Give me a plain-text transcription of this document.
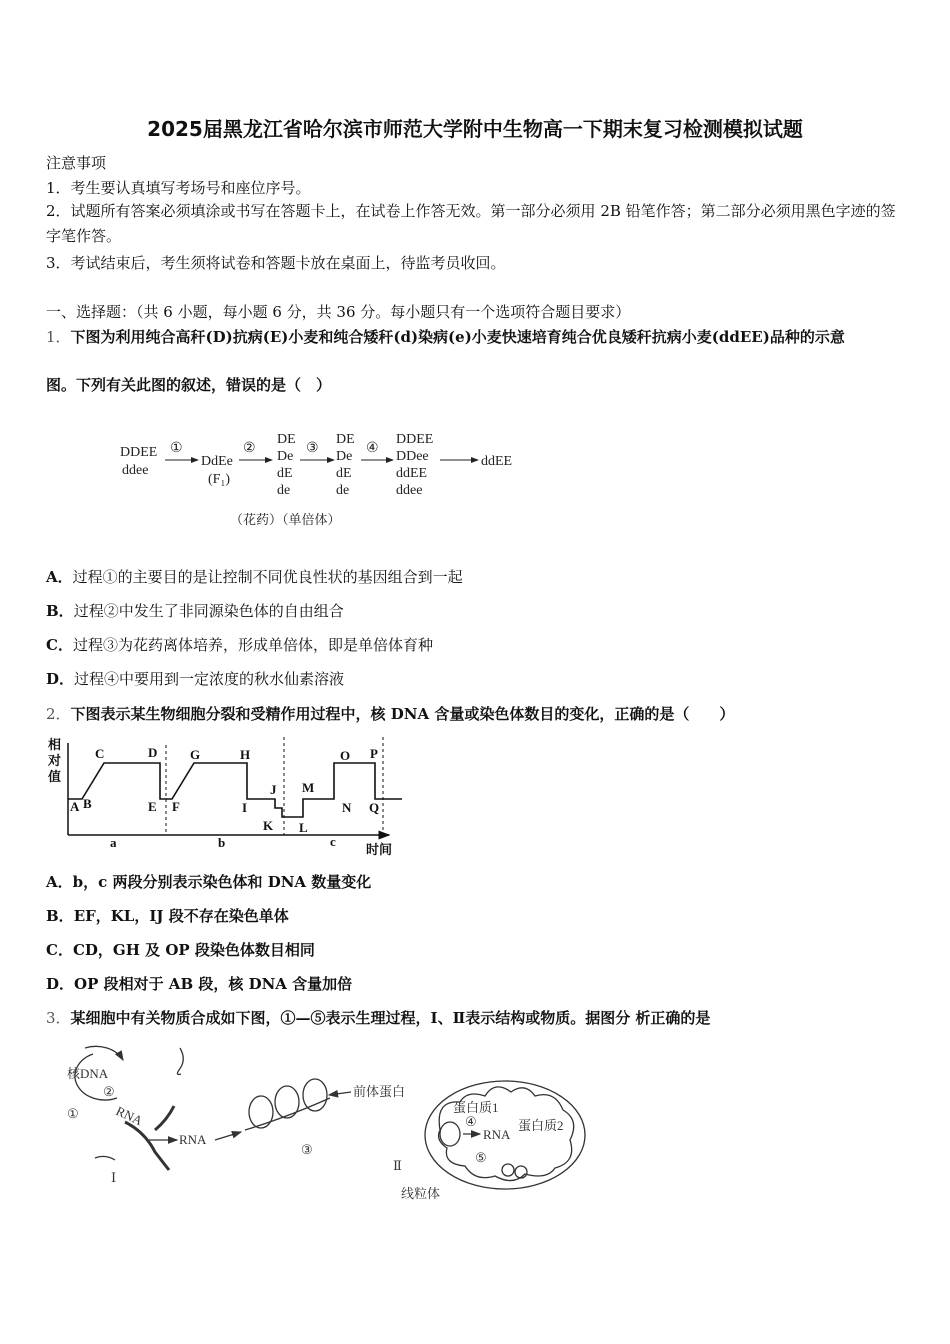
2025届黑龙江省哈尔滨市师范大学附中生物高一下期末复习检测模拟试题
注意事项
1．考生要认真填写考场号和座位序号。
2．试题所有答案必须填涂或书写在答题卡上，在试卷上作答无效。第一部分必须用 2B 铅笔作答；第二部分必须用黑色字迹的签字笔作答。
3．考试结束后，考生须将试卷和答题卡放在桌面上，待监考员收回。
一、选择题：（共 6 小题，每小题 6 分，共 36 分。每小题只有一个选项符合题目要求）
1．下图为利用纯合高秆(D)抗病(E)小麦和纯合矮秆(d)染病(e)小麦快速培育纯合优良矮秆抗病小麦(ddEE)品种的示意
图。下列有关此图的叙述，错误的是（　）
DDEE
ddee
①
DdEe
(F₁)
②
DE
De
dE
de
③
DE
De
dE
de
④
DDEE
DDee
ddEE
ddee
ddEE
（花药）（单倍体）
A．过程①的主要目的是让控制不同优良性状的基因组合到一起
B．过程②中发生了非同源染色体的自由组合
C．过程③为花药离体培养，形成单倍体，即是单倍体育种
D．过程④中要用到一定浓度的秋水仙素溶液
2．下图表示某生物细胞分裂和受精作用过程中，核 DNA 含量或染色体数目的变化，正确的是（　　）
相
对
值
A B
C	D
E F
G	H
I
J
K L
M
N
O P
Q
a	b	c
时间
A．b，c 两段分别表示染色体和 DNA 数量变化
B．EF，KL，IJ 段不存在染色单体
C．CD，GH 及 OP 段染色体数目相同
D．OP 段相对于 AB 段，核 DNA 含量加倍
3．某细胞中有关物质合成如下图，①—⑤表示生理过程，Ⅰ、Ⅱ表示结构或物质。据图分 析正确的是
核DNA
②
①	RNA
RNA
Ⅰ
③
前体蛋白
蛋白质1
蛋白质2
④
RNA
⑤
Ⅱ
线粒体
